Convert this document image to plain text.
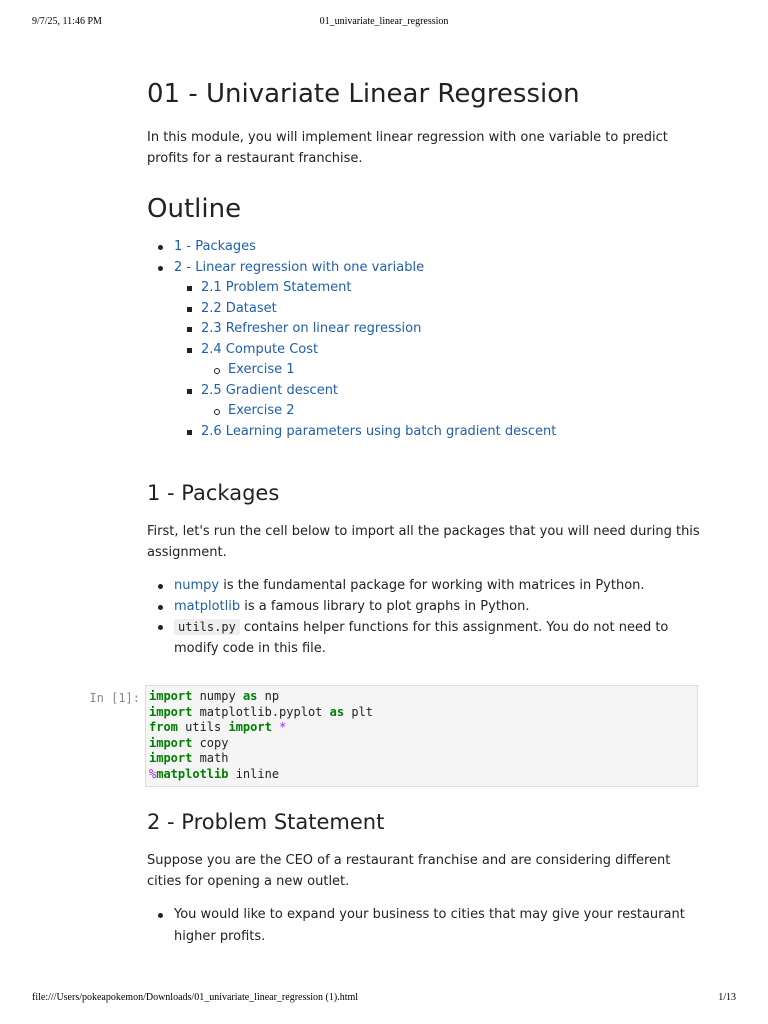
9/7/25, 11:46 PM	01_univariate_linear_regression
01 - Univariate Linear Regression

In this module, you will implement linear regression with one variable to predict profits for a restaurant franchise.

Outline
1 - Packages
2 - Linear regression with one variable
2.1 Problem Statement
2.2 Dataset
2.3 Refresher on linear regression
2.4 Compute Cost
Exercise 1
2.5 Gradient descent
Exercise 2
2.6 Learning parameters using batch gradient descent
1 - Packages

First, let's run the cell below to import all the packages that you will need during this assignment.

numpy is the fundamental package for working with matrices in Python.
matplotlib is a famous library to plot graphs in Python.
utils.py contains helper functions for this assignment. You do not need to modify code in this file.
In [1]: import numpy as np
import matplotlib.pyplot as plt
from utils import *
import copy
import math
%matplotlib inline
2 - Problem Statement

Suppose you are the CEO of a restaurant franchise and are considering different cities for opening a new outlet.

You would like to expand your business to cities that may give your restaurant higher profits.
file:///Users/pokeapokemon/Downloads/01_univariate_linear_regression (1).html	1/13
